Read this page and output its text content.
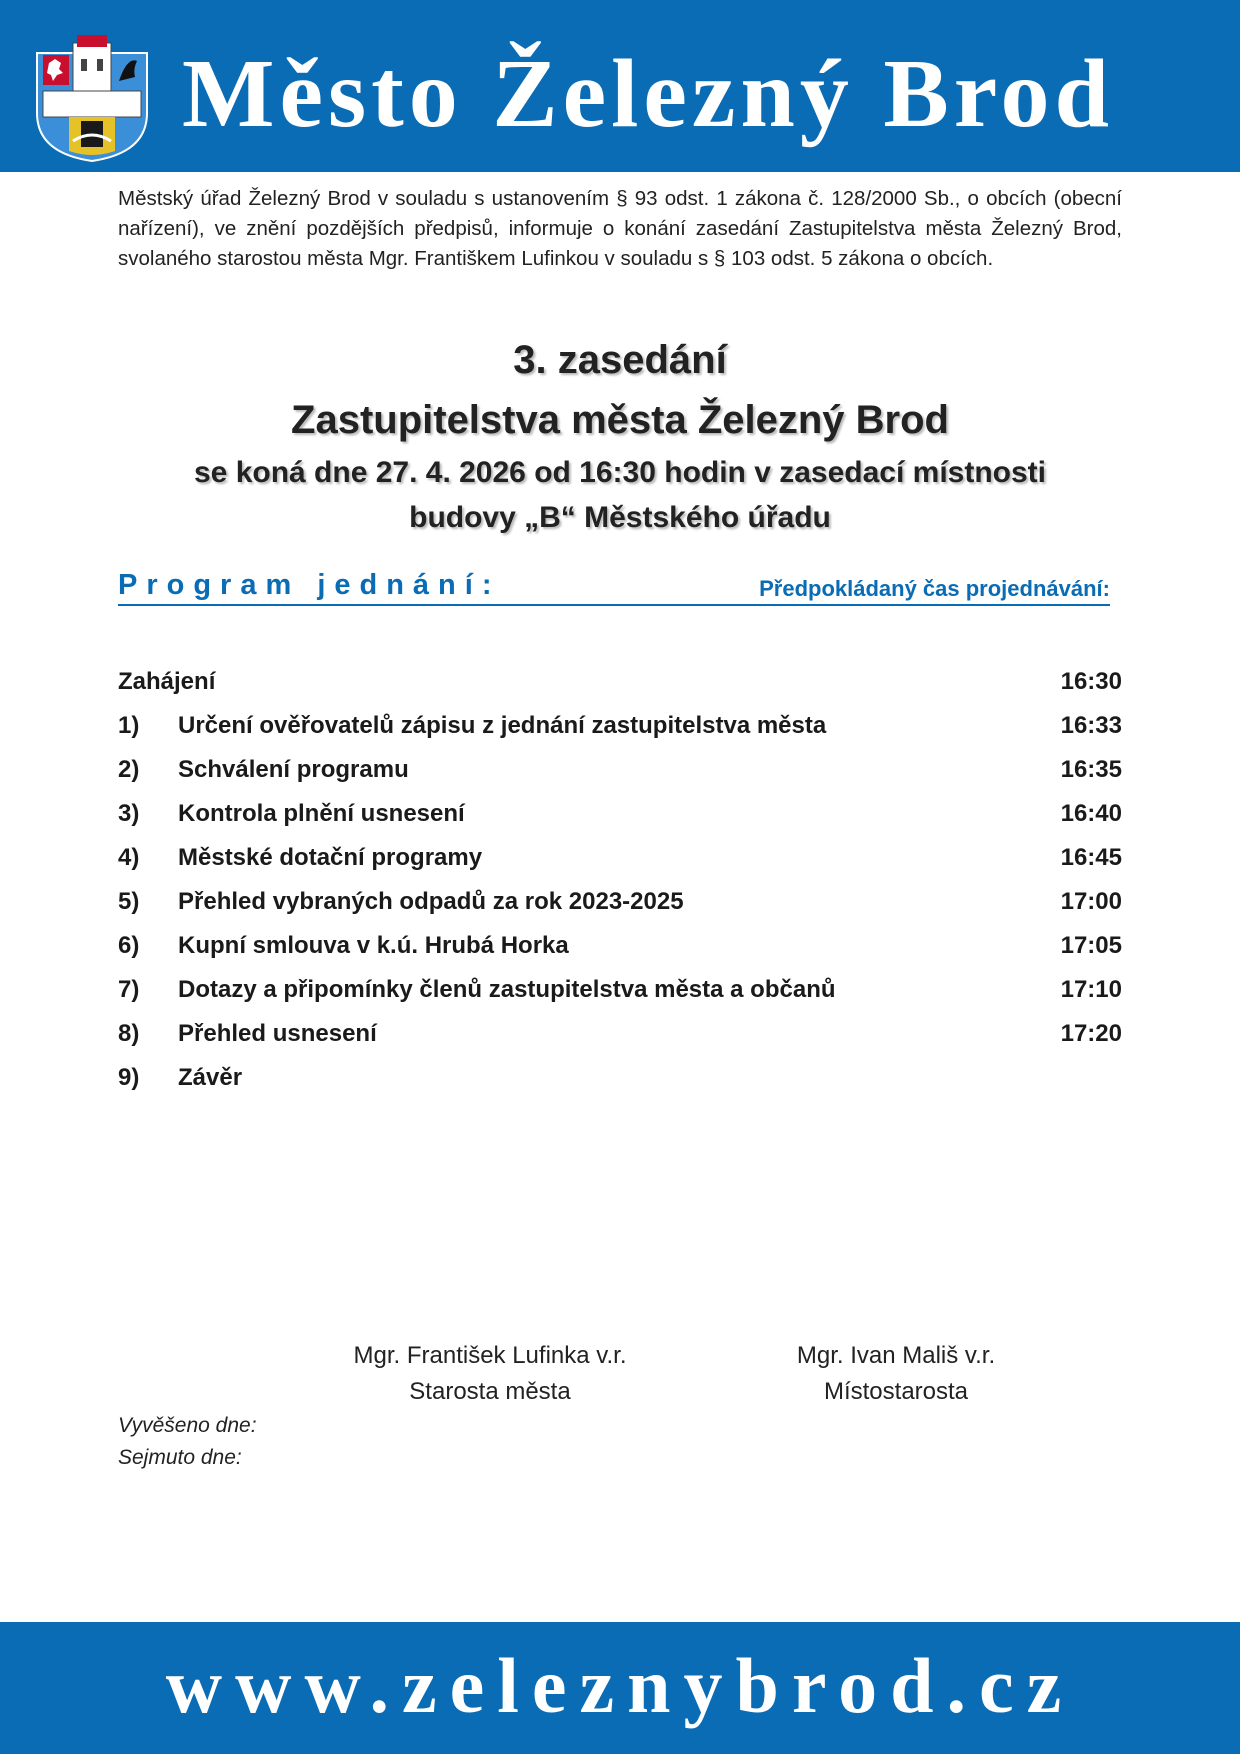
Město Železný Brod
Městský úřad Železný Brod v souladu s ustanovením § 93 odst. 1 zákona č. 128/2000 Sb., o obcích (obecní nařízení), ve znění pozdějších předpisů, informuje o konání zasedání Zastupitelstva města Železný Brod, svolaného starostou města Mgr. Františkem Lufinkou v souladu s § 103 odst. 5 zákona o obcích.
3. zasedání
Zastupitelstva města Železný Brod
se koná dne 27. 4. 2026 od 16:30 hodin v zasedací místnosti
budovy „B“ Městského úřadu
Program jednání:	Předpokládaný čas projednávání:
Zahájení	16:30
1) Určení ověřovatelů zápisu z jednání zastupitelstva města	16:33
2) Schválení programu	16:35
3) Kontrola plnění usnesení	16:40
4) Městské dotační programy	16:45
5) Přehled vybraných odpadů za rok 2023-2025	17:00
6) Kupní smlouva v k.ú. Hrubá Horka	17:05
7) Dotazy a připomínky členů zastupitelstva města a občanů	17:10
8) Přehled usnesení	17:20
9) Závěr
Mgr. František Lufinka v.r.
Starosta města
Mgr. Ivan Mališ v.r.
Místostarosta
Vyvěšeno dne:
Sejmuto dne:
www.zeleznybrod.cz
